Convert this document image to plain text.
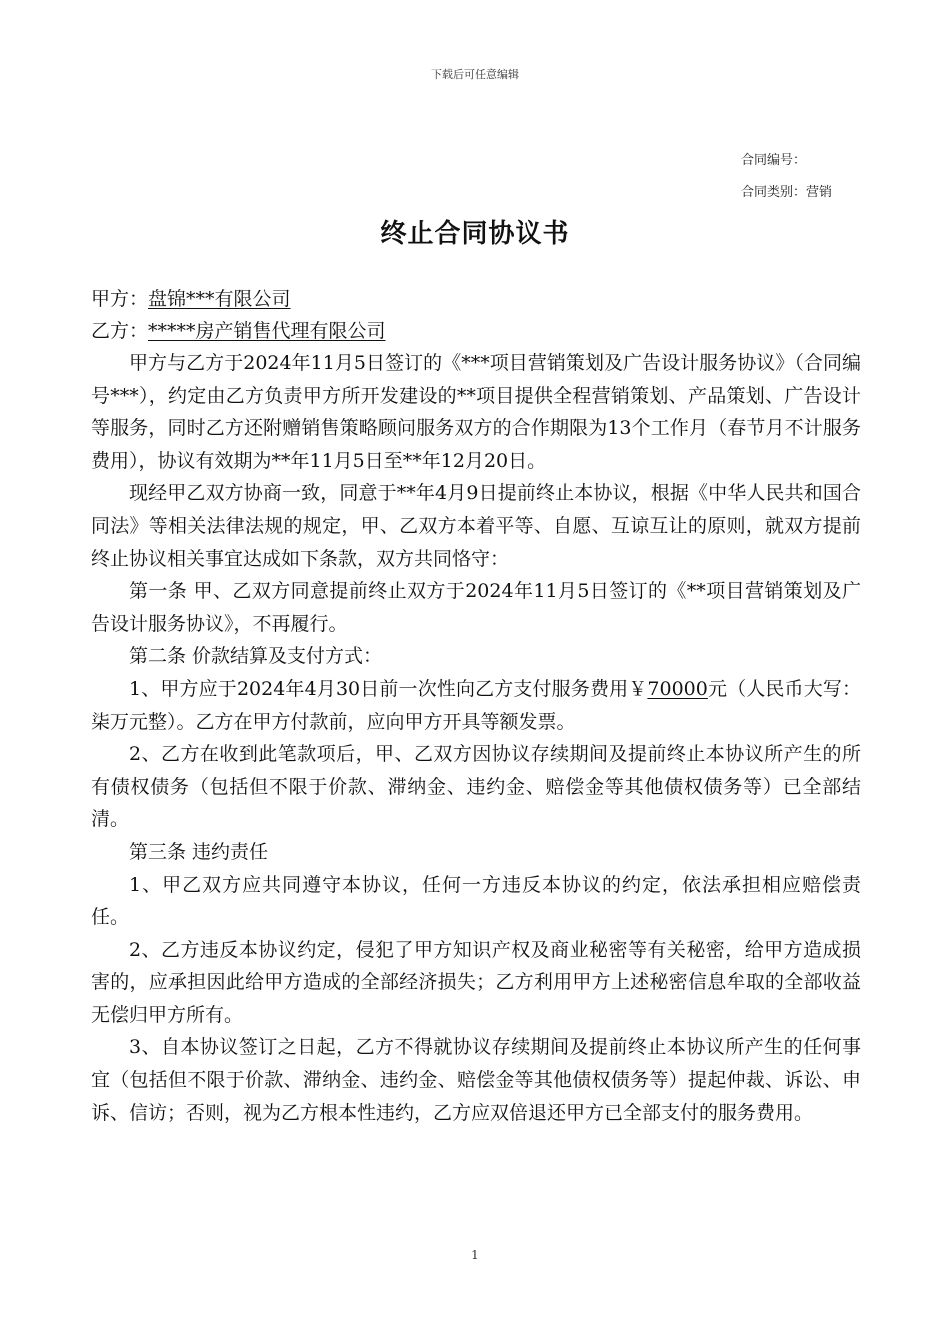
下载后可任意编辑
合同编号：
合同类别：营销
终止合同协议书
甲方：盘锦***有限公司
乙方：*****房产销售代理有限公司

甲方与乙方于2024年11月5日签订的《***项目营销策划及广告设计服务协议》（合同编号***），约定由乙方负责甲方所开发建设的**项目提供全程营销策划、产品策划、广告设计等服务，同时乙方还附赠销售策略顾问服务双方的合作期限为13个工作月（春节月不计服务费用），协议有效期为**年11月5日至**年12月20日。

现经甲乙双方协商一致，同意于**年4月9日提前终止本协议，根据《中华人民共和国合同法》等相关法律法规的规定，甲、乙双方本着平等、自愿、互谅互让的原则，就双方提前终止协议相关事宜达成如下条款，双方共同恪守：

第一条 甲、乙双方同意提前终止双方于2024年11月5日签订的《**项目营销策划及广告设计服务协议》，不再履行。

第二条 价款结算及支付方式：

1、甲方应于2024年4月30日前一次性向乙方支付服务费用￥70000元（人民币大写：柒万元整）。乙方在甲方付款前，应向甲方开具等额发票。

2、乙方在收到此笔款项后，甲、乙双方因协议存续期间及提前终止本协议所产生的所有债权债务（包括但不限于价款、滞纳金、违约金、赔偿金等其他债权债务等）已全部结清。

第三条 违约责任

1、甲乙双方应共同遵守本协议，任何一方违反本协议的约定，依法承担相应赔偿责任。

2、乙方违反本协议约定，侵犯了甲方知识产权及商业秘密等有关秘密，给甲方造成损害的，应承担因此给甲方造成的全部经济损失；乙方利用甲方上述秘密信息牟取的全部收益无偿归甲方所有。

3、自本协议签订之日起，乙方不得就协议存续期间及提前终止本协议所产生的任何事宜（包括但不限于价款、滞纳金、违约金、赔偿金等其他债权债务等）提起仲裁、诉讼、申诉、信访；否则，视为乙方根本性违约，乙方应双倍退还甲方已全部支付的服务费用。

1
